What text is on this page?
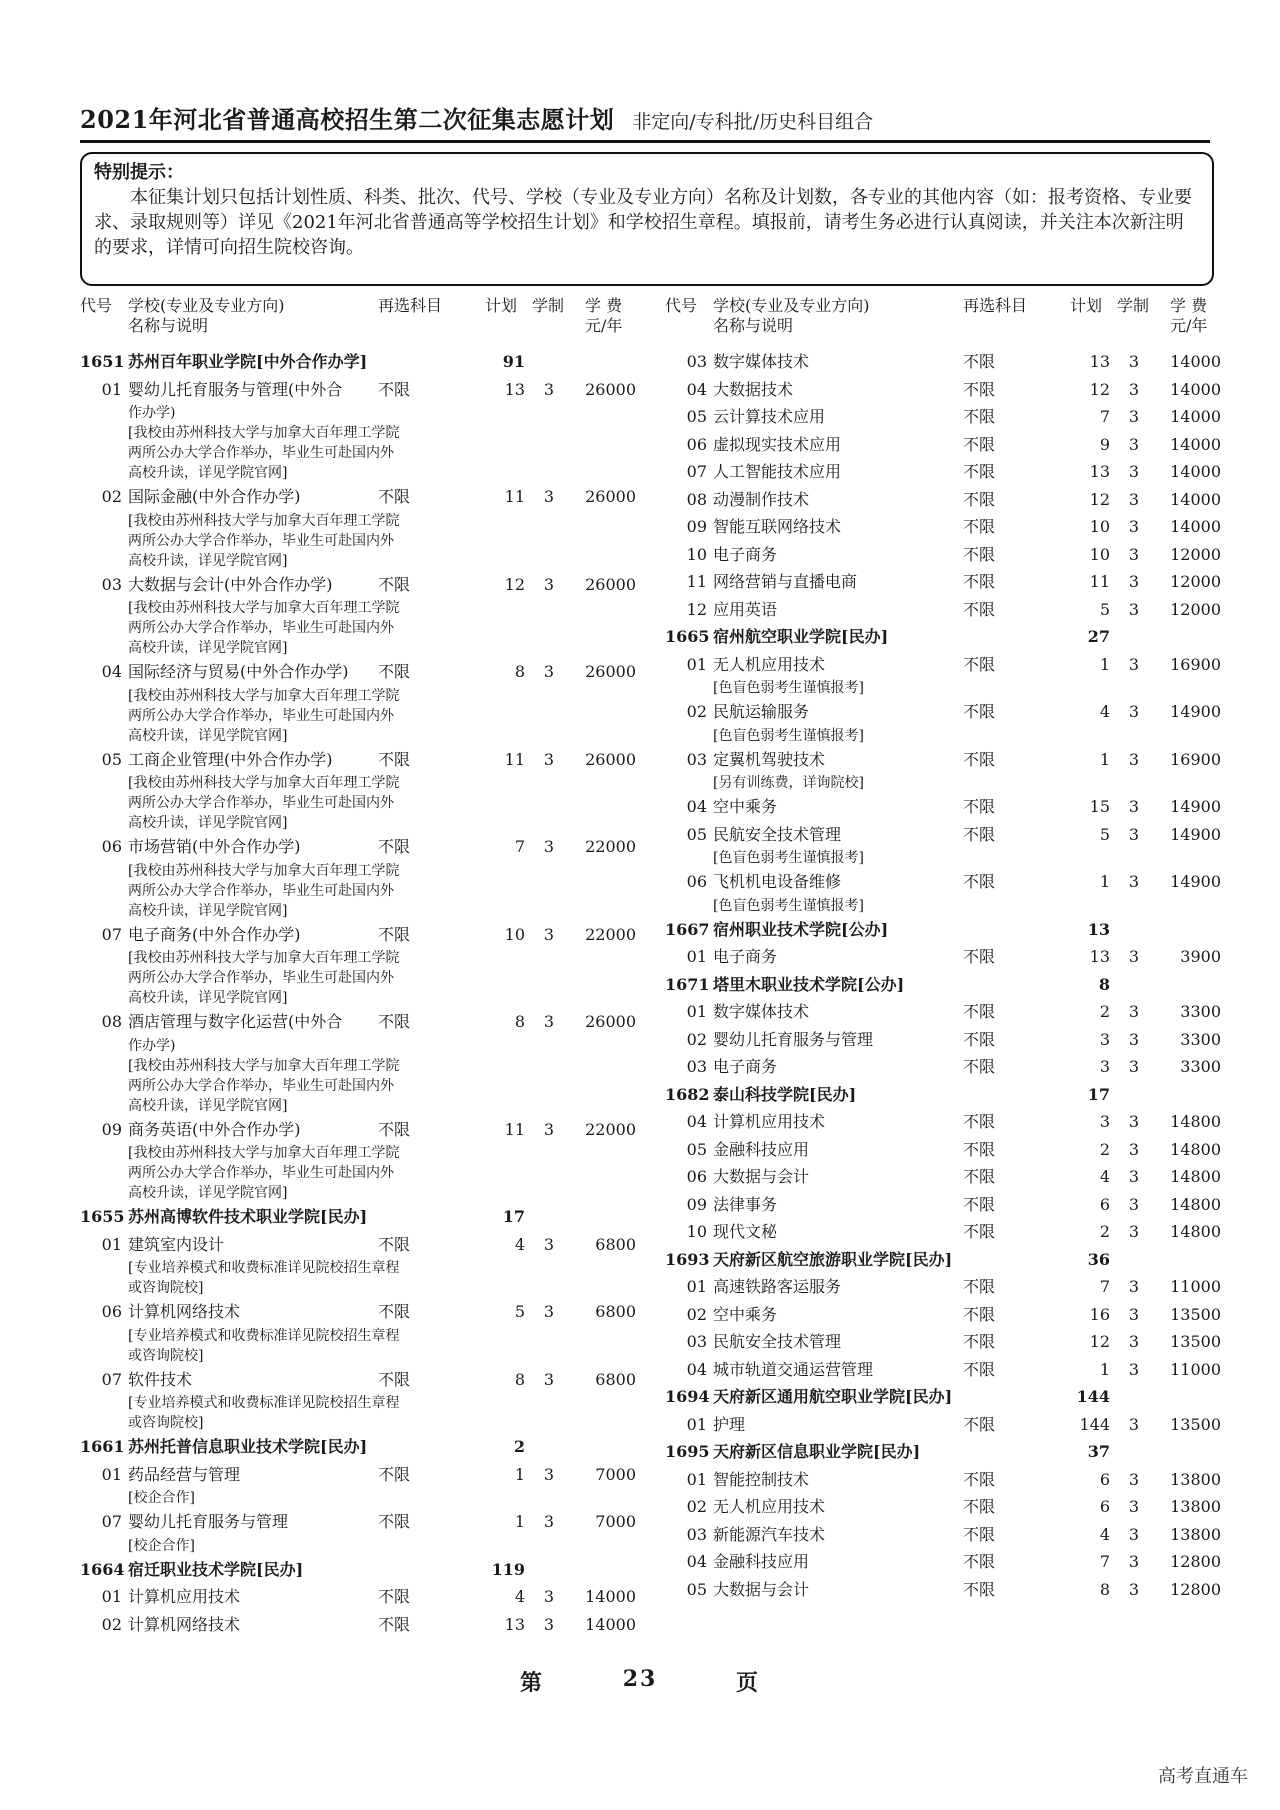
2021年河北省普通高校招生第二次征集志愿计划 非定向/专科批/历史科目组合
特别提示：
本征集计划只包括计划性质、科类、批次、代号、学校（专业及专业方向）名称及计划数，各专业的其他内容（如：报考资格、专业要求、录取规则等）详见《2021年河北省普通高等学校招生计划》和学校招生章程。填报前，请考生务必进行认真阅读，并关注本次新注明的要求，详情可向招生院校咨询。
代号 学校(专业及专业方向)
名称与说明
再选科目	计划 学制 学 费
元/年
1651 苏州百年职业学院[中外合作办学]	91
01 婴幼儿托育服务与管理(中外合 不限	13	3	26000
作办学)
[我校由苏州科技大学与加拿大百年理工学院
两所公办大学合作举办，毕业生可赴国内外
高校升读，详见学院官网]
02 国际金融(中外合作办学)	不限	11	3	26000
[我校由苏州科技大学与加拿大百年理工学院
两所公办大学合作举办，毕业生可赴国内外
高校升读，详见学院官网]
03 大数据与会计(中外合作办学)	不限	12	3	26000
[我校由苏州科技大学与加拿大百年理工学院
两所公办大学合作举办，毕业生可赴国内外
高校升读，详见学院官网]
04 国际经济与贸易(中外合作办学) 不限	8	3	26000
[我校由苏州科技大学与加拿大百年理工学院
两所公办大学合作举办，毕业生可赴国内外
高校升读，详见学院官网]
05 工商企业管理(中外合作办学)	不限	11	3	26000
[我校由苏州科技大学与加拿大百年理工学院
两所公办大学合作举办，毕业生可赴国内外
高校升读，详见学院官网]
06 市场营销(中外合作办学)	不限	7	3	22000
[我校由苏州科技大学与加拿大百年理工学院
两所公办大学合作举办，毕业生可赴国内外
高校升读，详见学院官网]
07 电子商务(中外合作办学)	不限	10	3	22000
[我校由苏州科技大学与加拿大百年理工学院
两所公办大学合作举办，毕业生可赴国内外
高校升读，详见学院官网]
08 酒店管理与数字化运营(中外合 不限	8	3	26000
作办学)
[我校由苏州科技大学与加拿大百年理工学院
两所公办大学合作举办，毕业生可赴国内外
高校升读，详见学院官网]
09 商务英语(中外合作办学)	不限	11	3	22000
[我校由苏州科技大学与加拿大百年理工学院
两所公办大学合作举办，毕业生可赴国内外
高校升读，详见学院官网]
1655 苏州高博软件技术职业学院[民办]	17
01 建筑室内设计	不限	4	3	6800
[专业培养模式和收费标准详见院校招生章程
或咨询院校]
06 计算机网络技术	不限	5	3	6800
[专业培养模式和收费标准详见院校招生章程
或咨询院校]
07 软件技术	不限	8	3	6800
[专业培养模式和收费标准详见院校招生章程
或咨询院校]
1661 苏州托普信息职业技术学院[民办]	2
01 药品经营与管理	不限	1	3	7000
[校企合作]
07 婴幼儿托育服务与管理	不限	1	3	7000
[校企合作]
1664 宿迁职业技术学院[民办]	119
01 计算机应用技术	不限	4	3	14000
02 计算机网络技术	不限	13	3	14000
代号 学校(专业及专业方向)
名称与说明
再选科目	计划 学制 学 费
元/年
03 数字媒体技术	不限	13	3	14000
04 大数据技术	不限	12	3	14000
05 云计算技术应用	不限	7	3	14000
06 虚拟现实技术应用	不限	9	3	14000
07 人工智能技术应用	不限	13	3	14000
08 动漫制作技术	不限	12	3	14000
09 智能互联网络技术	不限	10	3	14000
10 电子商务	不限	10	3	12000
11 网络营销与直播电商	不限	11	3	12000
12 应用英语	不限	5	3	12000
1665 宿州航空职业学院[民办]	27
01 无人机应用技术	不限	1	3	16900
[色盲色弱考生谨慎报考]
02 民航运输服务	不限	4	3	14900
[色盲色弱考生谨慎报考]
03 定翼机驾驶技术	不限	1	3	16900
[另有训练费，详询院校]
04 空中乘务	不限	15	3	14900
05 民航安全技术管理	不限	5	3	14900
[色盲色弱考生谨慎报考]
06 飞机机电设备维修	不限	1	3	14900
[色盲色弱考生谨慎报考]
1667 宿州职业技术学院[公办]	13
01 电子商务	不限	13	3	3900
1671 塔里木职业技术学院[公办]	8
01 数字媒体技术	不限	2	3	3300
02 婴幼儿托育服务与管理	不限	3	3	3300
03 电子商务	不限	3	3	3300
1682 泰山科技学院[民办]	17
04 计算机应用技术	不限	3	3	14800
05 金融科技应用	不限	2	3	14800
06 大数据与会计	不限	4	3	14800
09 法律事务	不限	6	3	14800
10 现代文秘	不限	2	3	14800
1693 天府新区航空旅游职业学院[民办]	36
01 高速铁路客运服务	不限	7	3	11000
02 空中乘务	不限	16	3	13500
03 民航安全技术管理	不限	12	3	13500
04 城市轨道交通运营管理	不限	1	3	11000
1694 天府新区通用航空职业学院[民办]	144
01 护理	不限	144	3	13500
1695 天府新区信息职业学院[民办]	37
01 智能控制技术	不限	6	3	13800
02 无人机应用技术	不限	6	3	13800
03 新能源汽车技术	不限	4	3	13800
04 金融科技应用	不限	7	3	12800
05 大数据与会计	不限	8	3	12800
第	23	页
高考直通车
